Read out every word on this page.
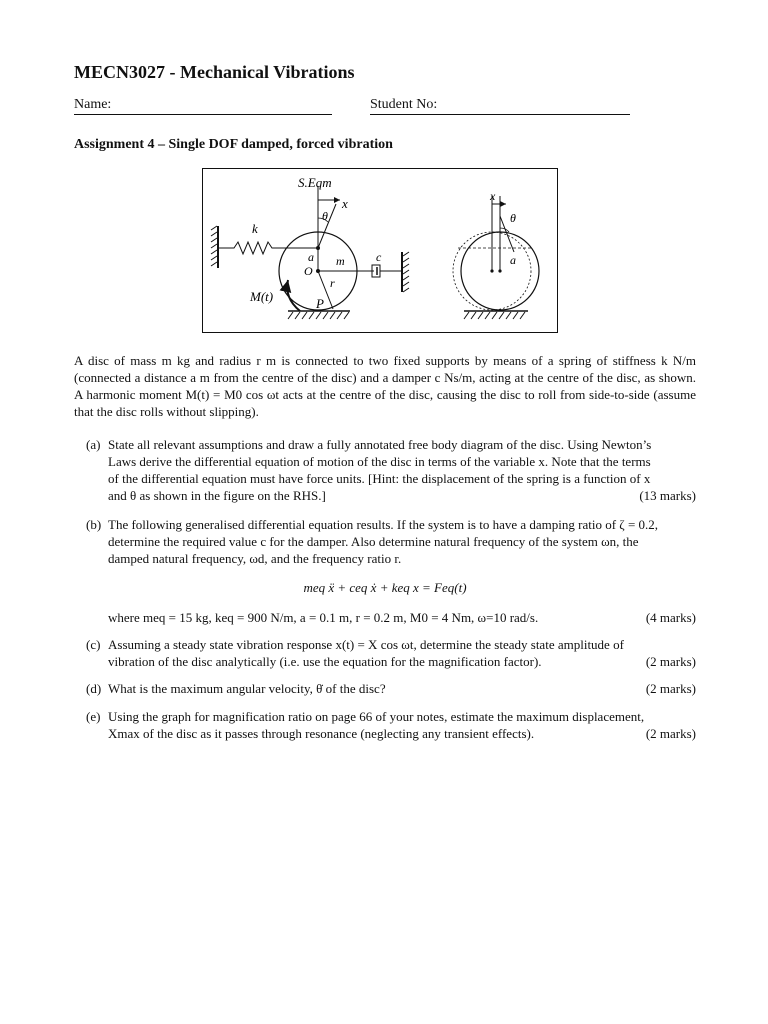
MECN3027 - Mechanical Vibrations
Name:	Student No:
Assignment 4 – Single DOF damped, forced vibration
k
S.Eqm
x
θ
a m
O
r
M(t)	P
c
x
θ
a
A disc of mass m kg and radius r m is connected to two fixed supports by means of a spring of stiffness k N/m (connected a distance a m from the centre of the disc) and a damper c Ns/m, acting at the centre of the disc, as shown. A harmonic moment M(t) = M0 cos ωt acts at the centre of the disc, causing the disc to roll from side-to-side (assume that the disc rolls without slipping).
(a) State all relevant assumptions and draw a fully annotated free body diagram of the disc. Using Newton’s
Laws derive the differential equation of motion of the disc in terms of the variable x. Note that the terms
of the differential equation must have force units. [Hint: the displacement of the spring is a function of x
and θ as shown in the figure on the RHS.]	(13 marks)
(b) The following generalised differential equation results. If the system is to have a damping ratio of ζ = 0.2,
determine the required value c for the damper. Also determine natural frequency of the system ωn, the
damped natural frequency, ωd, and the frequency ratio r.
meq ẍ + ceq ẋ + keq x = Feq(t)
where meq = 15 kg, keq = 900 N/m, a = 0.1 m, r = 0.2 m, M0 = 4 Nm, ω=10 rad/s.	(4 marks)
(c) Assuming a steady state vibration response x(t) = X cos ωt, determine the steady state amplitude of
vibration of the disc analytically (i.e. use the equation for the magnification factor).	(2 marks)
(d) What is the maximum angular velocity, θ̇ of the disc?	(2 marks)
(e) Using the graph for magnification ratio on page 66 of your notes, estimate the maximum displacement,
Xmax of the disc as it passes through resonance (neglecting any transient effects).	(2 marks)
